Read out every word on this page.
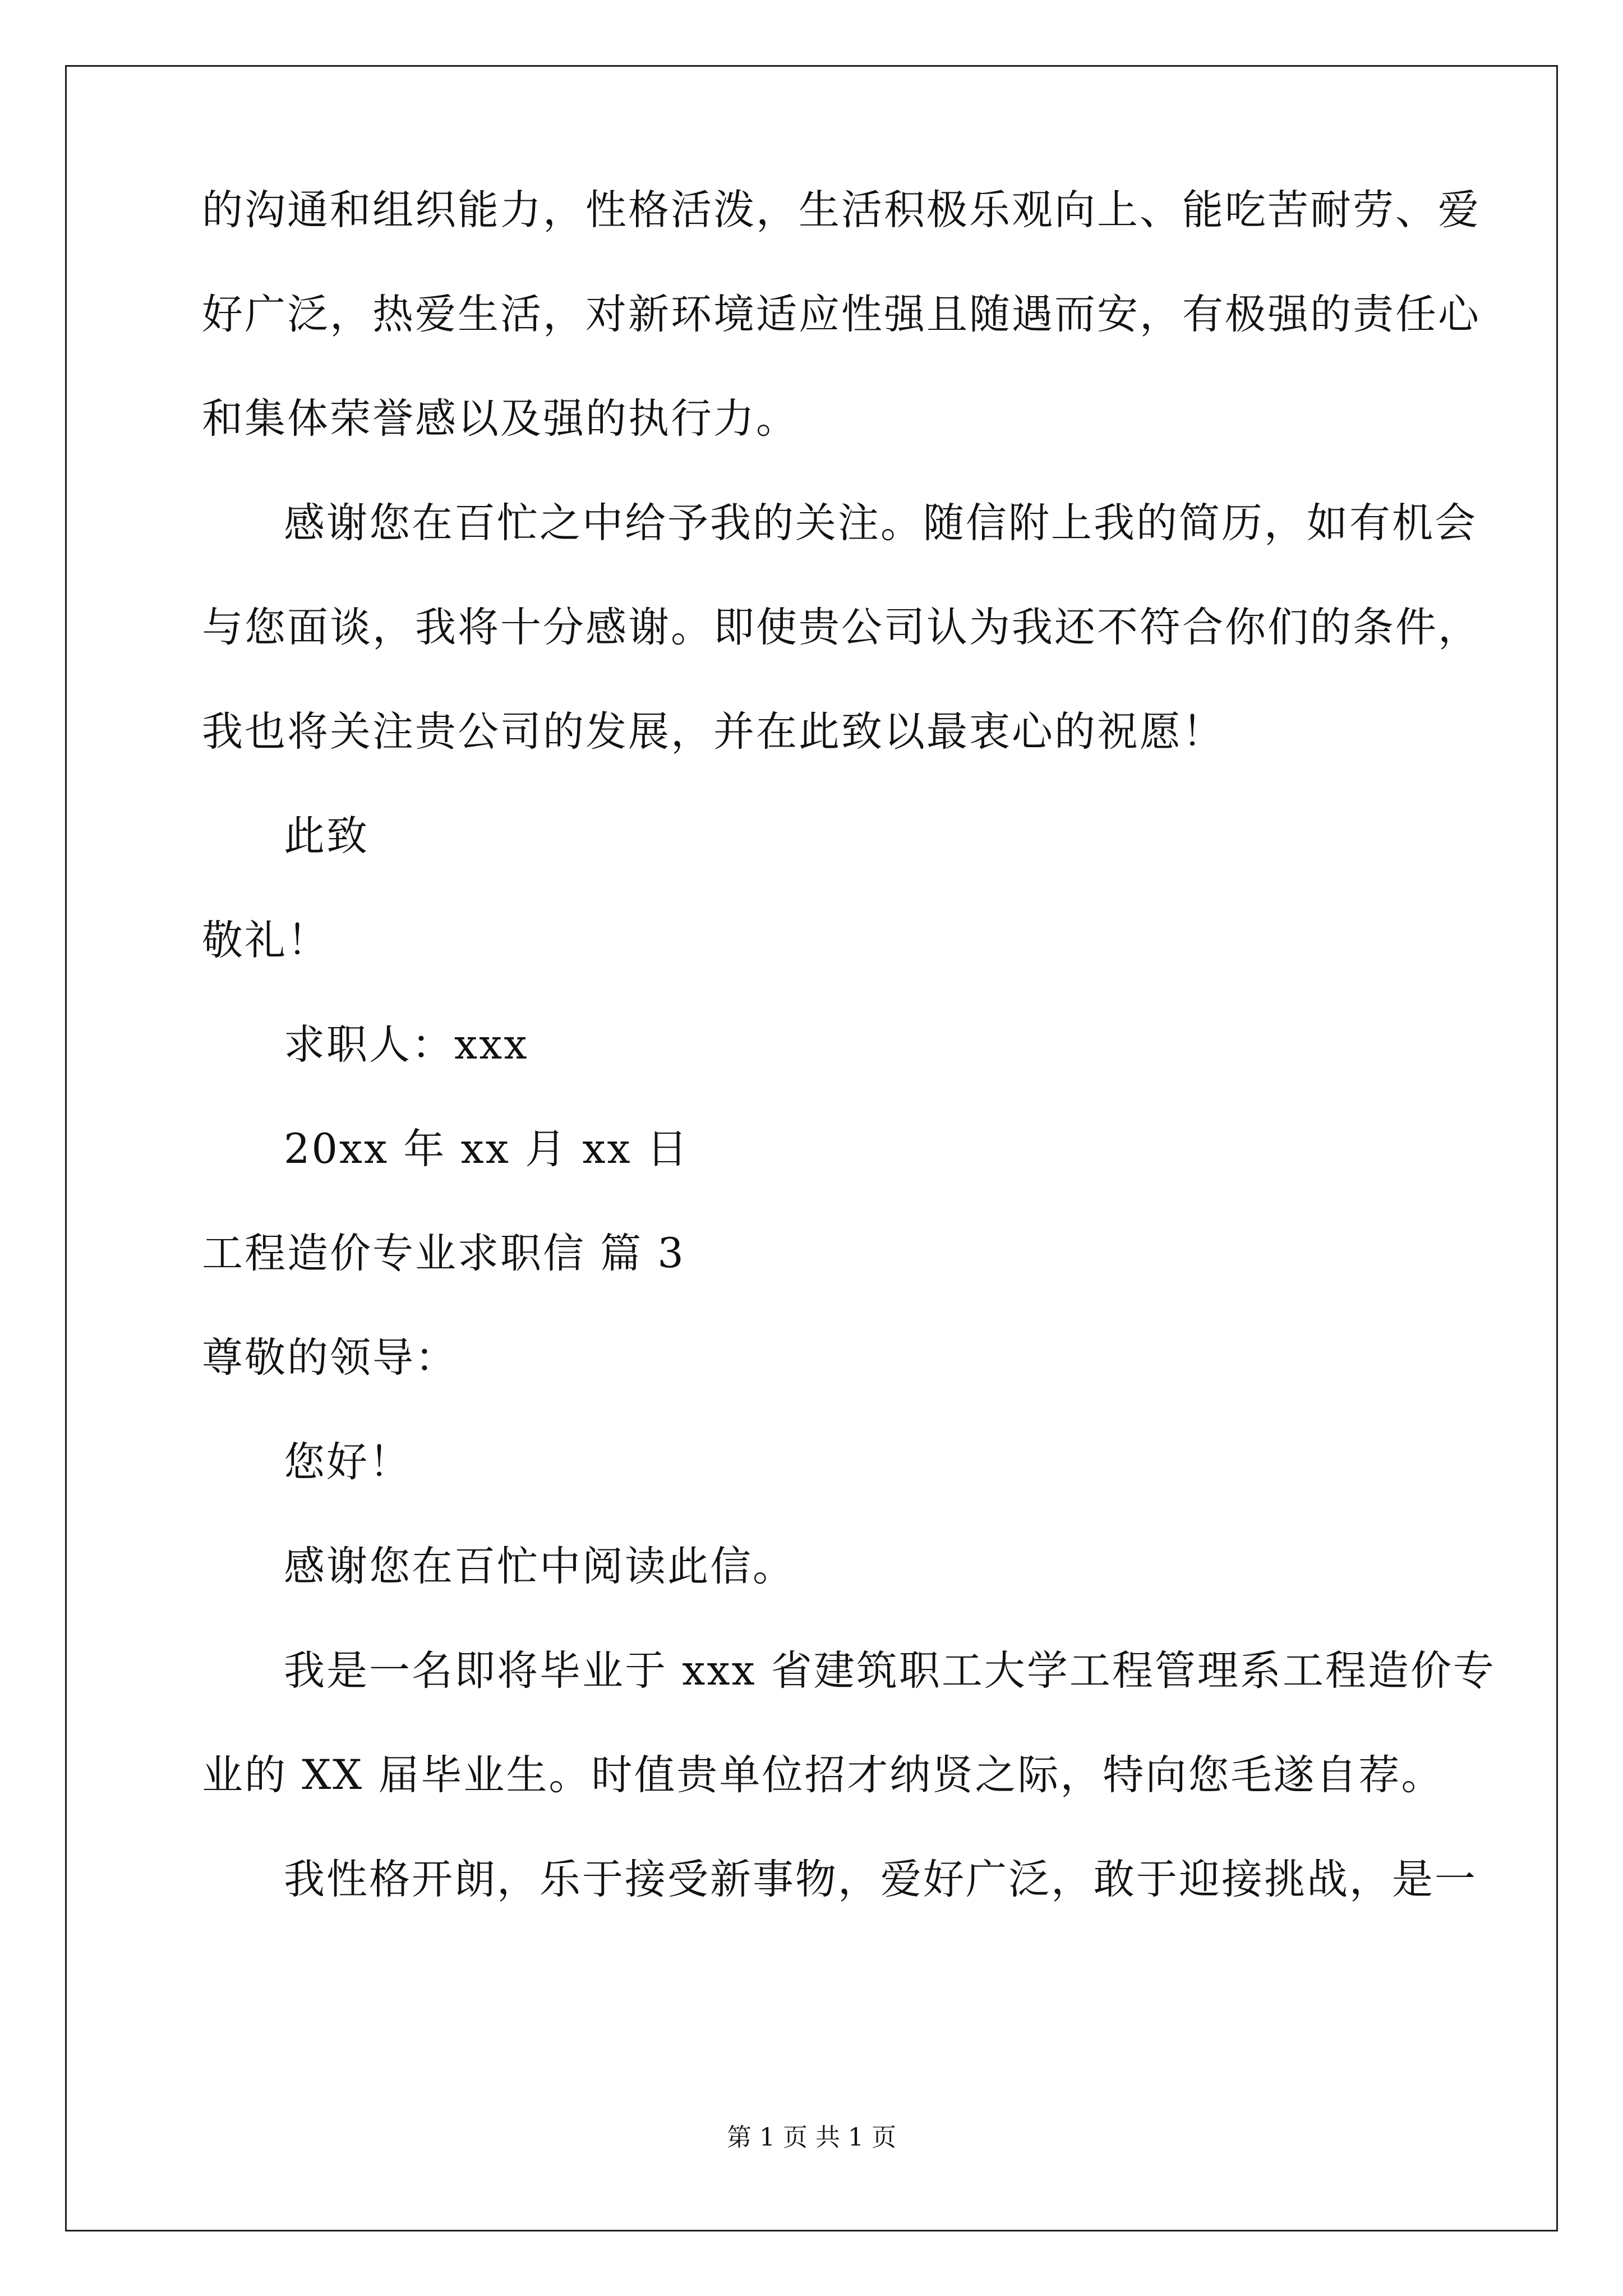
的沟通和组织能力，性格活泼，生活积极乐观向上、能吃苦耐劳、爱
好广泛，热爱生活，对新环境适应性强且随遇而安，有极强的责任心
和集体荣誉感以及强的执行力。
感谢您在百忙之中给予我的关注。随信附上我的简历，如有机会
与您面谈，我将十分感谢。即使贵公司认为我还不符合你们的条件，
我也将关注贵公司的发展，并在此致以最衷心的祝愿！
此致
敬礼！
求职人：xxx
20xx 年 xx 月 xx 日
工程造价专业求职信 篇 3
尊敬的领导：
您好！
感谢您在百忙中阅读此信。
我是一名即将毕业于 xxx 省建筑职工大学工程管理系工程造价专
业的 XX 届毕业生。时值贵单位招才纳贤之际，特向您毛遂自荐。
我性格开朗，乐于接受新事物，爱好广泛，敢于迎接挑战，是一
第 1 页 共 1 页
